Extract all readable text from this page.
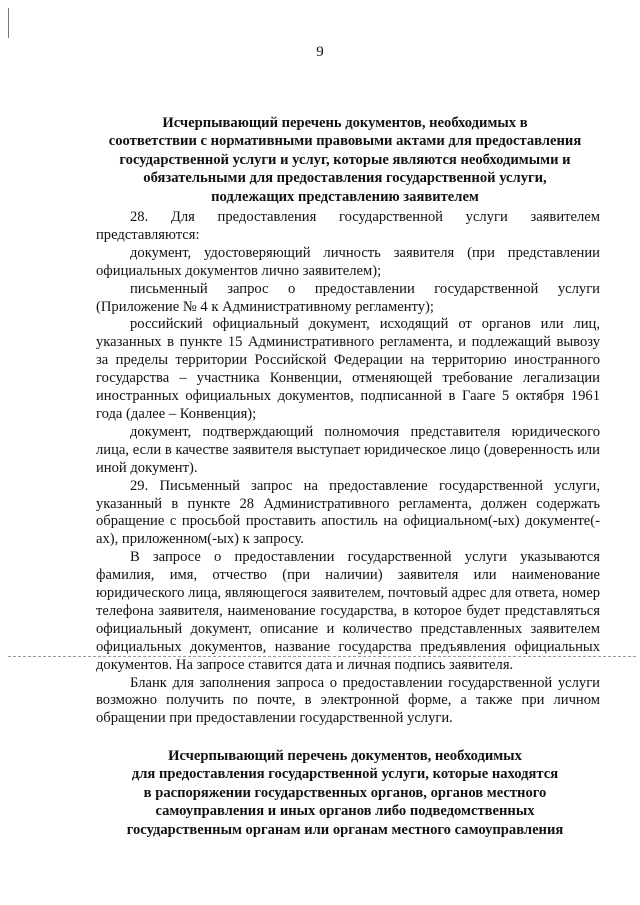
9
Исчерпывающий перечень документов, необходимых в
соответствии с нормативными правовыми актами для предоставления
государственной услуги и услуг, которые являются необходимыми и
обязательными для предоставления государственной услуги,
подлежащих представлению заявителем

28. Для предоставления государственной услуги заявителем представляются:

документ, удостоверяющий личность заявителя (при представлении официальных документов лично заявителем);

письменный запрос о предоставлении государственной услуги (Приложение № 4 к Административному регламенту);

российский официальный документ, исходящий от органов или лиц, указанных в пункте 15 Административного регламента, и подлежащий вывозу за пределы территории Российской Федерации на территорию иностранного государства – участника Конвенции, отменяющей требование легализации иностранных официальных документов, подписанной в Гааге 5 октября 1961 года (далее – Конвенция);

документ, подтверждающий полномочия представителя юридического лица, если в качестве заявителя выступает юридическое лицо (доверенность или иной документ).

29. Письменный запрос на предоставление государственной услуги, указанный в пункте 28 Административного регламента, должен содержать обращение с просьбой проставить апостиль на официальном(-ых) документе(-ах), приложенном(-ых) к запросу.

В запросе о предоставлении государственной услуги указываются фамилия, имя, отчество (при наличии) заявителя или наименование юридического лица, являющегося заявителем, почтовый адрес для ответа, номер телефона заявителя, наименование государства, в которое будет представляться официальный документ, описание и количество представленных заявителем официальных документов, название государства предъявления официальных документов. На запросе ставится дата и личная подпись заявителя.

Бланк для заполнения запроса о предоставлении государственной услуги возможно получить по почте, в электронной форме, а также при личном обращении при предоставлении государственной услуги.

Исчерпывающий перечень документов, необходимых
для предоставления государственной услуги, которые находятся
в распоряжении государственных органов, органов местного
самоуправления и иных органов либо подведомственных
государственным органам или органам местного самоуправления
